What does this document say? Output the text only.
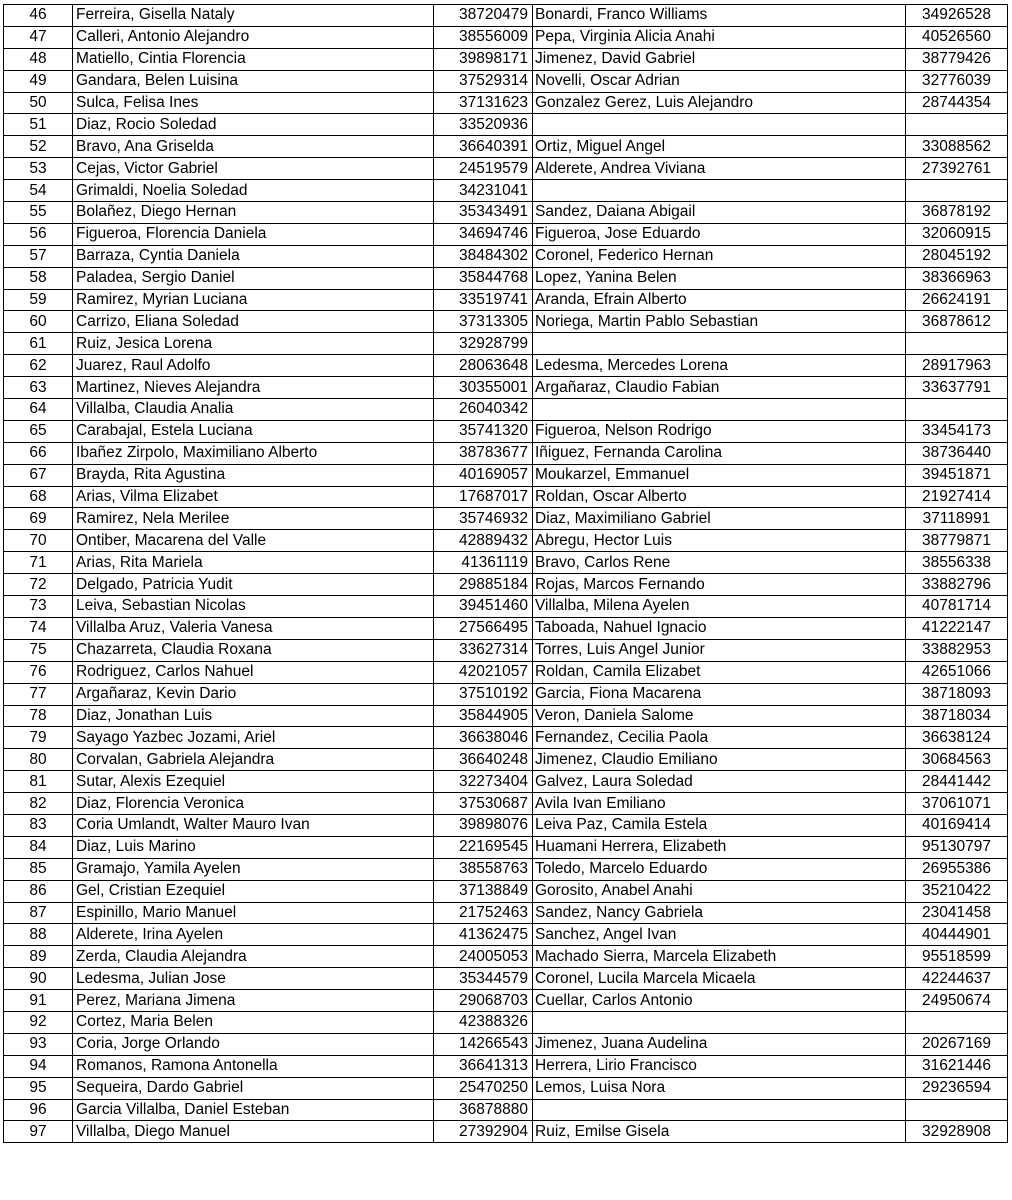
46	Ferreira, Gisella Nataly	38720479	Bonardi, Franco Williams	34926528
47	Calleri, Antonio Alejandro	38556009	Pepa, Virginia Alicia Anahi	40526560
48	Matiello, Cintia Florencia	39898171	Jimenez, David Gabriel	38779426
49	Gandara, Belen Luisina	37529314	Novelli, Oscar Adrian	32776039
50	Sulca, Felisa Ines	37131623	Gonzalez Gerez, Luis Alejandro	28744354
51	Diaz, Rocio Soledad	33520936		
52	Bravo, Ana Griselda	36640391	Ortiz, Miguel Angel	33088562
53	Cejas, Victor Gabriel	24519579	Alderete, Andrea Viviana	27392761
54	Grimaldi, Noelia Soledad	34231041		
55	Bolañez, Diego Hernan	35343491	Sandez, Daiana Abigail	36878192
56	Figueroa, Florencia Daniela	34694746	Figueroa, Jose Eduardo	32060915
57	Barraza, Cyntia Daniela	38484302	Coronel, Federico Hernan	28045192
58	Paladea, Sergio Daniel	35844768	Lopez, Yanina Belen	38366963
59	Ramirez, Myrian Luciana	33519741	Aranda, Efrain Alberto	26624191
60	Carrizo, Eliana Soledad	37313305	Noriega, Martin Pablo Sebastian	36878612
61	Ruiz, Jesica Lorena	32928799		
62	Juarez, Raul Adolfo	28063648	Ledesma, Mercedes Lorena	28917963
63	Martinez, Nieves Alejandra	30355001	Argañaraz, Claudio Fabian	33637791
64	Villalba, Claudia Analia	26040342		
65	Carabajal, Estela Luciana	35741320	Figueroa, Nelson Rodrigo	33454173
66	Ibañez Zirpolo, Maximiliano Alberto	38783677	Iñiguez, Fernanda Carolina	38736440
67	Brayda, Rita Agustina	40169057	Moukarzel, Emmanuel	39451871
68	Arias, Vilma Elizabet	17687017	Roldan, Oscar Alberto	21927414
69	Ramirez, Nela Merilee	35746932	Diaz, Maximiliano Gabriel	37118991
70	Ontiber, Macarena del Valle	42889432	Abregu, Hector Luis	38779871
71	Arias, Rita Mariela	41361119	Bravo, Carlos Rene	38556338
72	Delgado, Patricia Yudit	29885184	Rojas, Marcos Fernando	33882796
73	Leiva, Sebastian Nicolas	39451460	Villalba, Milena Ayelen	40781714
74	Villalba Aruz, Valeria Vanesa	27566495	Taboada, Nahuel Ignacio	41222147
75	Chazarreta, Claudia Roxana	33627314	Torres, Luis Angel Junior	33882953
76	Rodriguez, Carlos Nahuel	42021057	Roldan, Camila Elizabet	42651066
77	Argañaraz, Kevin Dario	37510192	Garcia, Fiona Macarena	38718093
78	Diaz, Jonathan Luis	35844905	Veron, Daniela Salome	38718034
79	Sayago Yazbec Jozami, Ariel	36638046	Fernandez, Cecilia Paola	36638124
80	Corvalan, Gabriela Alejandra	36640248	Jimenez, Claudio Emiliano	30684563
81	Sutar, Alexis Ezequiel	32273404	Galvez, Laura Soledad	28441442
82	Diaz, Florencia Veronica	37530687	Avila Ivan Emiliano	37061071
83	Coria Umlandt, Walter Mauro Ivan	39898076	Leiva Paz, Camila Estela	40169414
84	Diaz, Luis Marino	22169545	Huamani Herrera, Elizabeth	95130797
85	Gramajo, Yamila Ayelen	38558763	Toledo, Marcelo Eduardo	26955386
86	Gel, Cristian Ezequiel	37138849	Gorosito, Anabel Anahi	35210422
87	Espinillo, Mario Manuel	21752463	Sandez, Nancy Gabriela	23041458
88	Alderete, Irina Ayelen	41362475	Sanchez, Angel Ivan	40444901
89	Zerda, Claudia Alejandra	24005053	Machado Sierra, Marcela Elizabeth	95518599
90	Ledesma, Julian Jose	35344579	Coronel, Lucila Marcela Micaela	42244637
91	Perez, Mariana Jimena	29068703	Cuellar, Carlos Antonio	24950674
92	Cortez, Maria Belen	42388326		
93	Coria, Jorge Orlando	14266543	Jimenez, Juana Audelina	20267169
94	Romanos, Ramona Antonella	36641313	Herrera, Lirio Francisco	31621446
95	Sequeira, Dardo Gabriel	25470250	Lemos, Luisa Nora	29236594
96	Garcia Villalba, Daniel Esteban	36878880		
97	Villalba, Diego Manuel	27392904	Ruiz, Emilse Gisela	32928908
